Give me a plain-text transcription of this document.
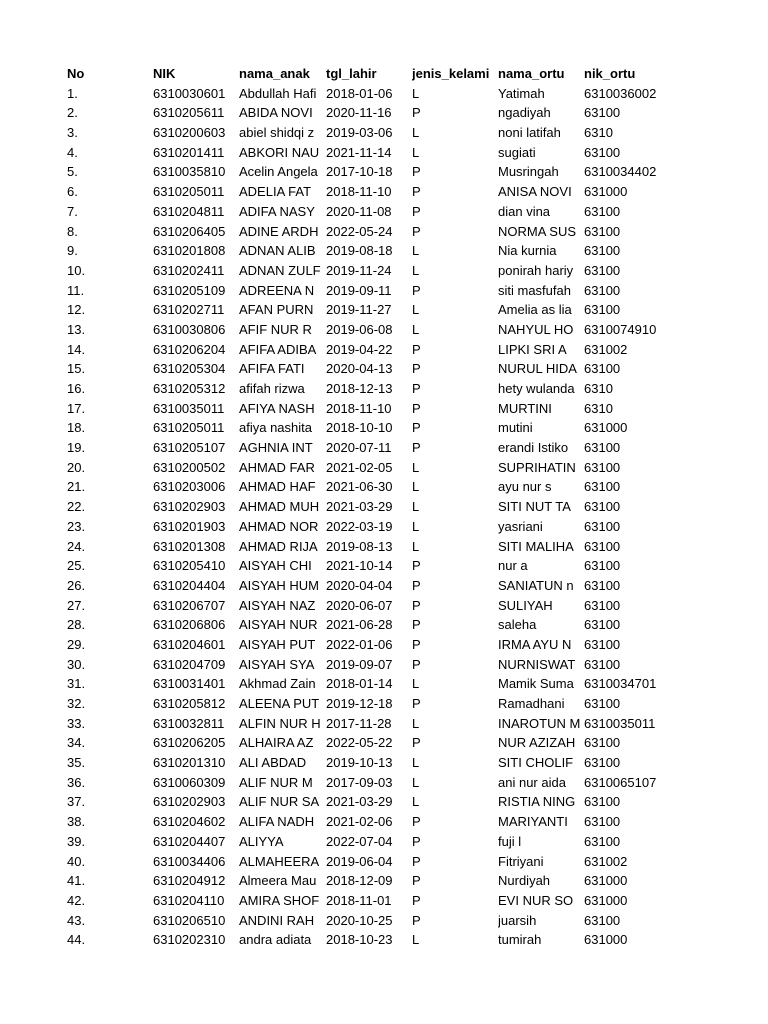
No	NIK	nama_anak	tgl_lahir	jenis_kelami nama_ortu	nik_ortu
1.	6310030601	Abdullah Hafi 2018-01-06	L	Yatimah	6310036002
2.	6310205611	ABIDA NOVI	2020-11-16	P	ngadiyah	63100
3.	6310200603	abiel shidqi z 2019-03-06	L	noni latifah	6310
4.	6310201411	ABKORI NAU 2021-11-14	L	sugiati	63100
5.	6310035810	Acelin Angela 2017-10-18	P	Musringah	6310034402
6.	6310205011	ADELIA FAT	2018-11-10	P	ANISA NOVI 631000
7.	6310204811	ADIFA NASY 2020-11-08	P	dian vina	63100
8.	6310206405	ADINE ARDH 2022-05-24	P	NORMA SUS 63100
9.	6310201808	ADNAN ALIB 2019-08-18	L	Nia kurnia	63100
10.	6310202411	ADNAN ZULF 2019-11-24	L	ponirah hariy 63100
11.	6310205109	ADREENA N 2019-09-11	P	siti masfufah	63100
12.	6310202711	AFAN PURN 2019-11-27	L	Amelia as lia 63100
13.	6310030806	AFIF NUR R	2019-06-08	L	NAHYUL HO 6310074910
14.	6310206204	AFIFA ADIBA 2019-04-22	P	LIPKI SRI A	631002
15.	6310205304	AFIFA FATI	2020-04-13	P	NURUL HIDA 63100
16.	6310205312	afifah rizwa	2018-12-13	P	hety wulanda 6310
17.	6310035011	AFIYA NASH 2018-11-10	P	MURTINI	6310
18.	6310205011	afiya nashita	2018-10-10	P	mutini	631000
19.	6310205107	AGHNIA INT	2020-07-11	P	erandi Istiko	63100
20.	6310200502	AHMAD FAR 2021-02-05	L	SUPRIHATIN 63100
21.	6310203006	AHMAD HAF 2021-06-30	L	ayu nur s	63100
22.	6310202903	AHMAD MUH 2021-03-29	L	SITI NUT TA	63100
23.	6310201903	AHMAD NOR 2022-03-19	L	yasriani	63100
24.	6310201308	AHMAD RIJA 2019-08-13	L	SITI MALIHA 63100
25.	6310205410	AISYAH CHI	2021-10-14	P	nur a	63100
26.	6310204404	AISYAH HUM 2020-04-04	P	SANIATUN n 63100
27.	6310206707	AISYAH NAZ 2020-06-07	P	SULIYAH	63100
28.	6310206806	AISYAH NUR 2021-06-28	P	saleha	63100
29.	6310204601	AISYAH PUT 2022-01-06	P	IRMA AYU N 63100
30.	6310204709	AISYAH SYA 2019-09-07	P	NURNISWAT 63100
31.	6310031401	Akhmad Zain 2018-01-14	L	Mamik Suma 6310034701
32.	6310205812	ALEENA PUT 2019-12-18	P	Ramadhani	63100
33.	6310032811	ALFIN NUR H 2017-11-28	L	INAROTUN M 6310035011
34.	6310206205	ALHAIRA AZ 2022-05-22	P	NUR AZIZAH 63100
35.	6310201310	ALI ABDAD	2019-10-13	L	SITI CHOLIF 63100
36.	6310060309	ALIF NUR M	2017-09-03	L	ani nur aida	6310065107
37.	6310202903	ALIF NUR SA 2021-03-29	L	RISTIA NING 63100
38.	6310204602	ALIFA NADH 2021-02-06	P	MARIYANTI	63100
39.	6310204407	ALIYYA	2022-07-04	P	fuji l	63100
40.	6310034406	ALMAHEERA 2019-06-04	P	Fitriyani	631002
41.	6310204912	Almeera Mau 2018-12-09	P	Nurdiyah	631000
42.	6310204110	AMIRA SHOF 2018-11-01	P	EVI NUR SO 631000
43.	6310206510	ANDINI RAH 2020-10-25	P	juarsih	63100
44.	6310202310	andra adiata	2018-10-23	L	tumirah	631000
